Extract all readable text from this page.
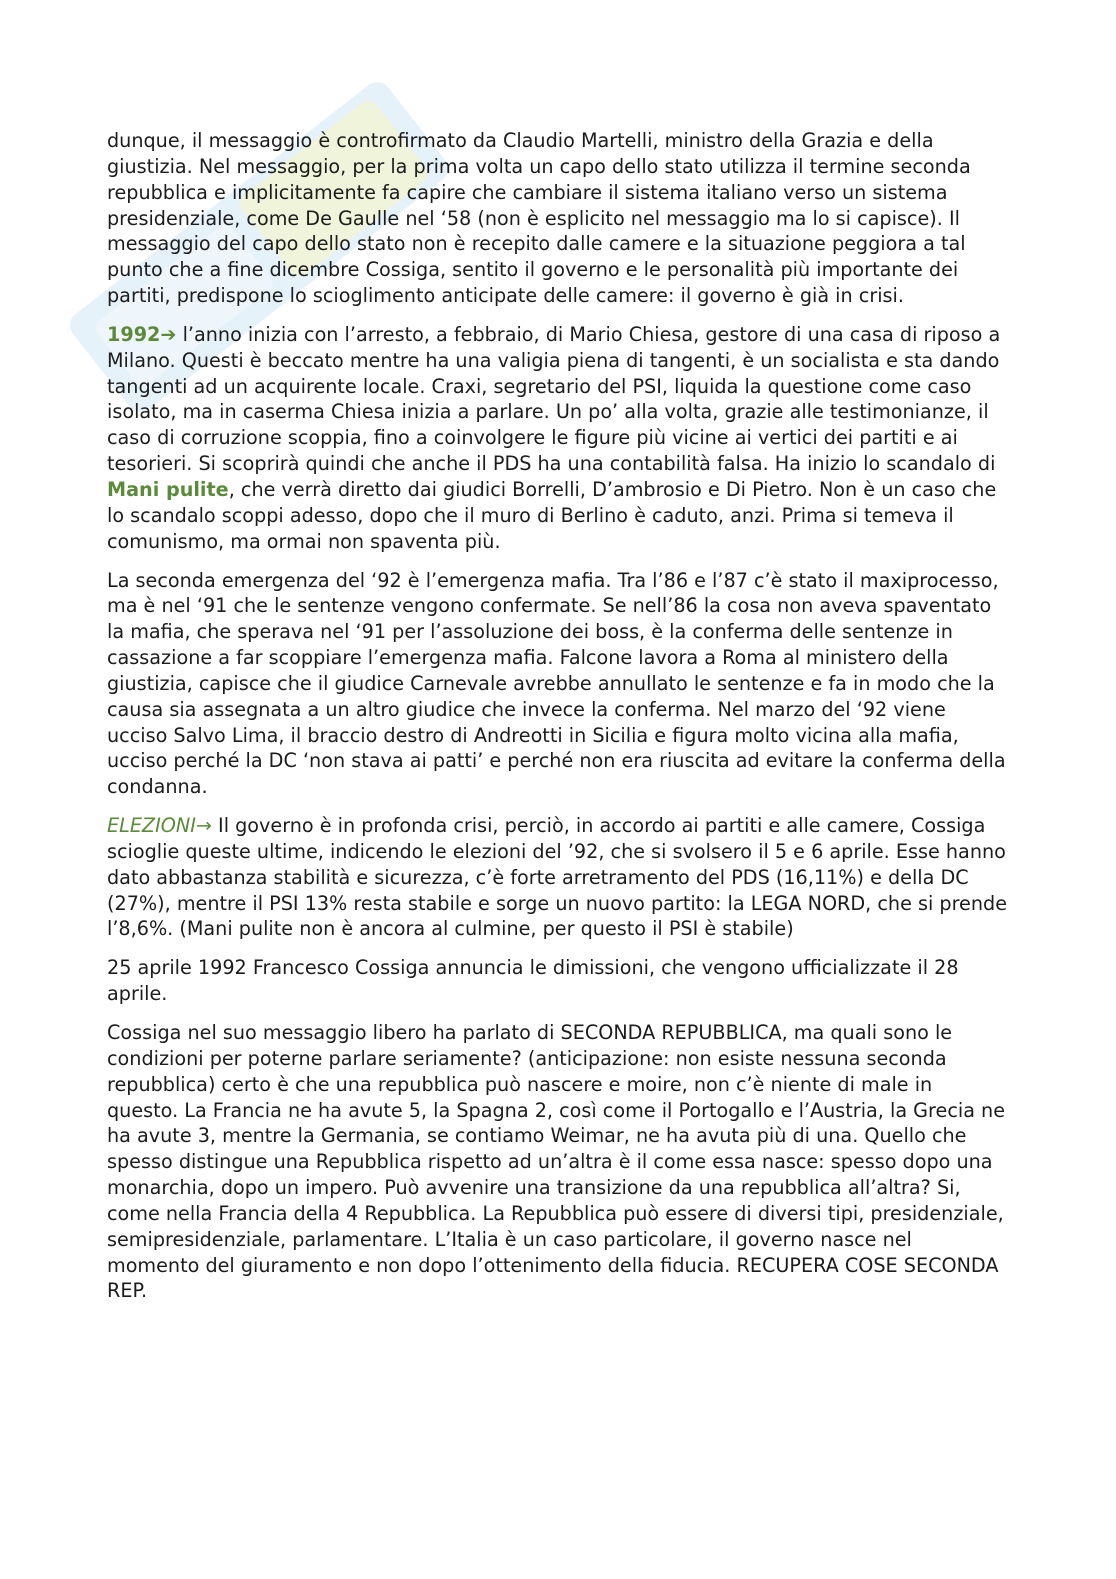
dunque, il messaggio è controfirmato da Claudio Martelli, ministro della Grazia e della giustizia. Nel messaggio, per la prima volta un capo dello stato utilizza il termine seconda repubblica e implicitamente fa capire che cambiare il sistema italiano verso un sistema presidenziale, come De Gaulle nel ‘58 (non è esplicito nel messaggio ma lo si capisce). Il messaggio del capo dello stato non è recepito dalle camere e la situazione peggiora a tal punto che a fine dicembre Cossiga, sentito il governo e le personalità più importante dei partiti, predispone lo scioglimento anticipate delle camere: il governo è già in crisi.

1992➔ l’anno inizia con l’arresto, a febbraio, di Mario Chiesa, gestore di una casa di riposo a Milano. Questi è beccato mentre ha una valigia piena di tangenti, è un socialista e sta dando tangenti ad un acquirente locale. Craxi, segretario del PSI, liquida la questione come caso isolato, ma in caserma Chiesa inizia a parlare. Un po’ alla volta, grazie alle testimonianze, il caso di corruzione scoppia, fino a coinvolgere le figure più vicine ai vertici dei partiti e ai tesorieri. Si scoprirà quindi che anche il PDS ha una contabilità falsa. Ha inizio lo scandalo di Mani pulite, che verrà diretto dai giudici Borrelli, D’ambrosio e Di Pietro. Non è un caso che lo scandalo scoppi adesso, dopo che il muro di Berlino è caduto, anzi. Prima si temeva il comunismo, ma ormai non spaventa più.

La seconda emergenza del ‘92 è l’emergenza mafia. Tra l’86 e l’87 c’è stato il maxiprocesso, ma è nel ‘91 che le sentenze vengono confermate. Se nell’86 la cosa non aveva spaventato la mafia, che sperava nel ‘91 per l’assoluzione dei boss, è la conferma delle sentenze in cassazione a far scoppiare l’emergenza mafia. Falcone lavora a Roma al ministero della giustizia, capisce che il giudice Carnevale avrebbe annullato le sentenze e fa in modo che la causa sia assegnata a un altro giudice che invece la conferma. Nel marzo del ‘92 viene ucciso Salvo Lima, il braccio destro di Andreotti in Sicilia e figura molto vicina alla mafia, ucciso perché la DC ‘non stava ai patti’ e perché non era riuscita ad evitare la conferma della condanna.

ELEZIONI→ Il governo è in profonda crisi, perciò, in accordo ai partiti e alle camere, Cossiga scioglie queste ultime, indicendo le elezioni del ’92, che si svolsero il 5 e 6 aprile. Esse hanno dato abbastanza stabilità e sicurezza, c’è forte arretramento del PDS (16,11%) e della DC (27%), mentre il PSI 13% resta stabile e sorge un nuovo partito: la LEGA NORD, che si prende l’8,6%. (Mani pulite non è ancora al culmine, per questo il PSI è stabile)

25 aprile 1992 Francesco Cossiga annuncia le dimissioni, che vengono ufficializzate il 28 aprile.

Cossiga nel suo messaggio libero ha parlato di SECONDA REPUBBLICA, ma quali sono le condizioni per poterne parlare seriamente? (anticipazione: non esiste nessuna seconda repubblica) certo è che una repubblica può nascere e moire, non c’è niente di male in questo. La Francia ne ha avute 5, la Spagna 2, così come il Portogallo e l’Austria, la Grecia ne ha avute 3, mentre la Germania, se contiamo Weimar, ne ha avuta più di una. Quello che spesso distingue una Repubblica rispetto ad un’altra è il come essa nasce: spesso dopo una monarchia, dopo un impero. Può avvenire una transizione da una repubblica all’altra? Si, come nella Francia della 4 Repubblica. La Repubblica può essere di diversi tipi, presidenziale, semipresidenziale, parlamentare. L’Italia è un caso particolare, il governo nasce nel momento del giuramento e non dopo l’ottenimento della fiducia. RECUPERA COSE SECONDA REP.
